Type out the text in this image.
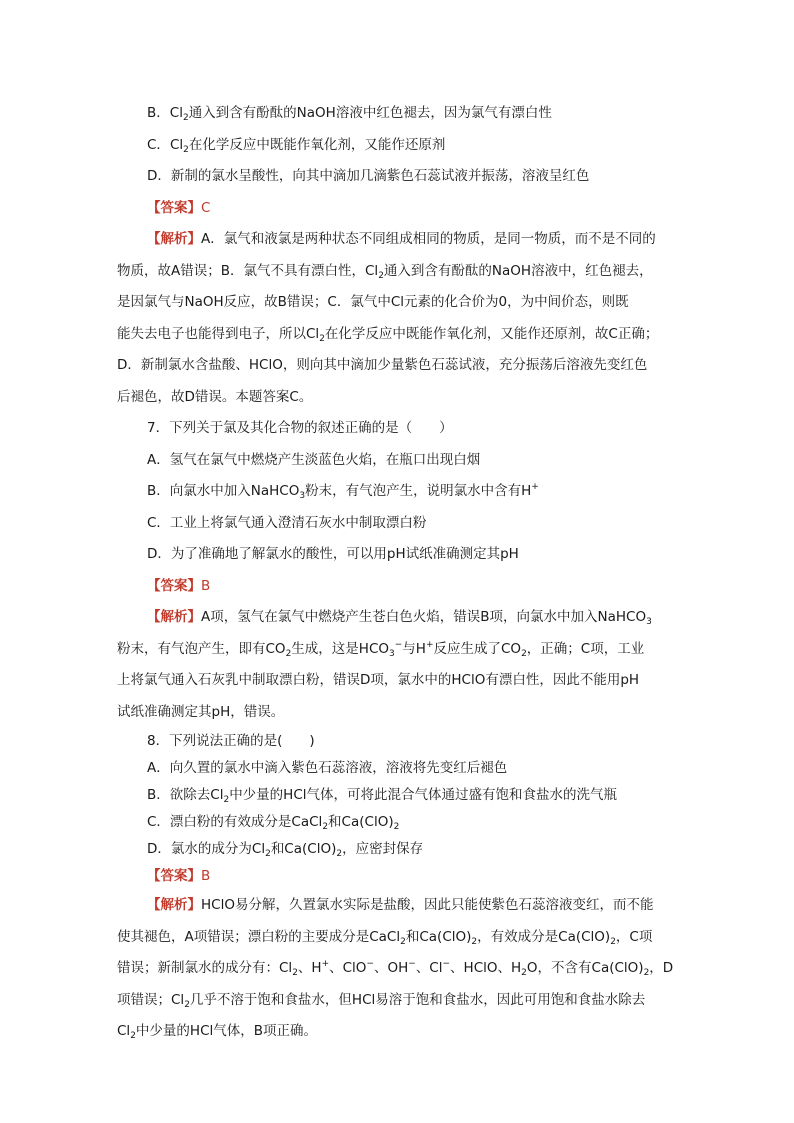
B．$Cl_2$通入到含有酚酞的NaOH溶液中红色褪去，因为氯气有漂白性
C．$Cl_2$在化学反应中既能作氧化剂，又能作还原剂
D．新制的氯水呈酸性，向其中滴加几滴紫色石蕊试液并振荡，溶液呈红色
【答案】C
【解析】A．氯气和液氯是两种状态不同组成相同的物质，是同一物质，而不是不同的
物质，故A错误；B．氯气不具有漂白性，$Cl_2$通入到含有酚酞的NaOH溶液中，红色褪去，
是因氯气与NaOH反应，故B错误；C．氯气中Cl元素的化合价为0，为中间价态，则既
能失去电子也能得到电子，所以$Cl_2$在化学反应中既能作氧化剂，又能作还原剂，故C正确；
D．新制氯水含盐酸、HClO，则向其中滴加少量紫色石蕊试液，充分振荡后溶液先变红色
后褪色，故D错误。本题答案C。
7．下列关于氯及其化合物的叙述正确的是（　　）
A．氢气在氯气中燃烧产生淡蓝色火焰，在瓶口出现白烟
B．向氯水中加入NaHCO$_3$粉末，有气泡产生，说明氯水中含有H+
C．工业上将氯气通入澄清石灰水中制取漂白粉
D．为了准确地了解氯水的酸性，可以用pH试纸准确测定其pH
【答案】B
【解析】A项，氢气在氯气中燃烧产生苍白色火焰，错误B项，向氯水中加入NaHCO$_3$
粉末，有气泡产生，即有$CO_2$生成，这是$HCO_3^-$与H+反应生成了$CO_2$，正确；C项，工业
上将氯气通入石灰乳中制取漂白粉，错误D项，氯水中的HClO有漂白性，因此不能用pH
试纸准确测定其pH，错误。
8．下列说法正确的是(　　)
A．向久置的氯水中滴入紫色石蕊溶液，溶液将先变红后褪色
B．欲除去$Cl_2$中少量的HCl气体，可将此混合气体通过盛有饱和食盐水的洗气瓶
C．漂白粉的有效成分是CaCl$_2$和$Ca(ClO)_2$
D．氯水的成分为$Cl_2$和$Ca(ClO)_2$，应密封保存
【答案】B
【解析】HClO易分解，久置氯水实际是盐酸，因此只能使紫色石蕊溶液变红，而不能
使其褪色，A项错误；漂白粉的主要成分是CaCl$_2$和$Ca(ClO)_2$，有效成分是$Ca(ClO)_2$，C项
错误；新制氯水的成分有：$Cl_2$、H+、ClO−、OH−、Cl−、HClO、$H_2O$，不含有$Ca(ClO)_2$，D
项错误；$Cl_2$几乎不溶于饱和食盐水，但HCl易溶于饱和食盐水，因此可用饱和食盐水除去
$Cl_2$中少量的HCl气体，B项正确。
